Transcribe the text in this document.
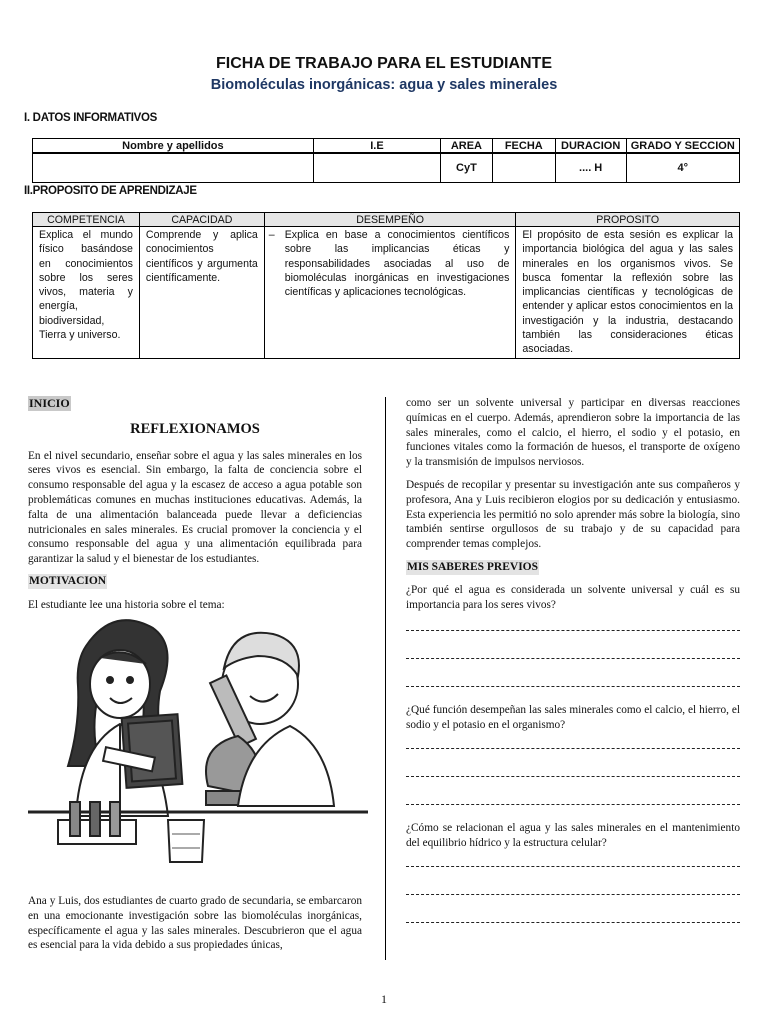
FICHA DE TRABAJO PARA EL ESTUDIANTE
Biomoléculas inorgánicas: agua y sales minerales
I. DATOS INFORMATIVOS
Nombre y apellidos	I.E	AREA	FECHA	DURACION	GRADO Y SECCION
		CyT		.... H	4°
II.PROPOSITO DE APRENDIZAJE
COMPETENCIA	CAPACIDAD	DESEMPEÑO	PROPOSITO
Explica el mundo físico basándose en conocimientos sobre los seres vivos, materia y energía, biodiversidad, Tierra y universo.	Comprende y aplica conocimientos científicos y argumenta científicamente.	– Explica en base a conocimientos científicos sobre las implicancias éticas y responsabilidades asociadas al uso de biomoléculas inorgánicas en investigaciones científicas y aplicaciones tecnológicas.	El propósito de esta sesión es explicar la importancia biológica del agua y las sales minerales en los organismos vivos. Se busca fomentar la reflexión sobre las implicancias científicas y tecnológicas de entender y aplicar estos conocimientos en la investigación y la industria, destacando también las consideraciones éticas asociadas.
INICIO
REFLEXIONAMOS
En el nivel secundario, enseñar sobre el agua y las sales minerales en los seres vivos es esencial. Sin embargo, la falta de conciencia sobre el consumo responsable del agua y la escasez de acceso a agua potable son problemáticas comunes en muchas instituciones educativas. Además, la falta de una alimentación balanceada puede llevar a deficiencias nutricionales en sales minerales. Es crucial promover la conciencia y el consumo responsable del agua y una alimentación equilibrada para garantizar la salud y el bienestar de los estudiantes.
MOTIVACION
El estudiante lee una historia sobre el tema:
Ana y Luis, dos estudiantes de cuarto grado de secundaria, se embarcaron en una emocionante investigación sobre las biomoléculas inorgánicas, específicamente el agua y las sales minerales. Descubrieron que el agua es esencial para la vida debido a sus propiedades únicas,
como ser un solvente universal y participar en diversas reacciones químicas en el cuerpo. Además, aprendieron sobre la importancia de las sales minerales, como el calcio, el hierro, el sodio y el potasio, en funciones vitales como la formación de huesos, el transporte de oxígeno y la transmisión de impulsos nerviosos.
Después de recopilar y presentar su investigación ante sus compañeros y profesora, Ana y Luis recibieron elogios por su dedicación y entusiasmo. Esta experiencia les permitió no solo aprender más sobre la biología, sino también sentirse orgullosos de su trabajo y de su capacidad para comprender temas complejos.
MIS SABERES PREVIOS
¿Por qué el agua es considerada un solvente universal y cuál es su importancia para los seres vivos?
¿Qué función desempeñan las sales minerales como el calcio, el hierro, el sodio y el potasio en el organismo?
¿Cómo se relacionan el agua y las sales minerales en el mantenimiento del equilibrio hídrico y la estructura celular?
1
